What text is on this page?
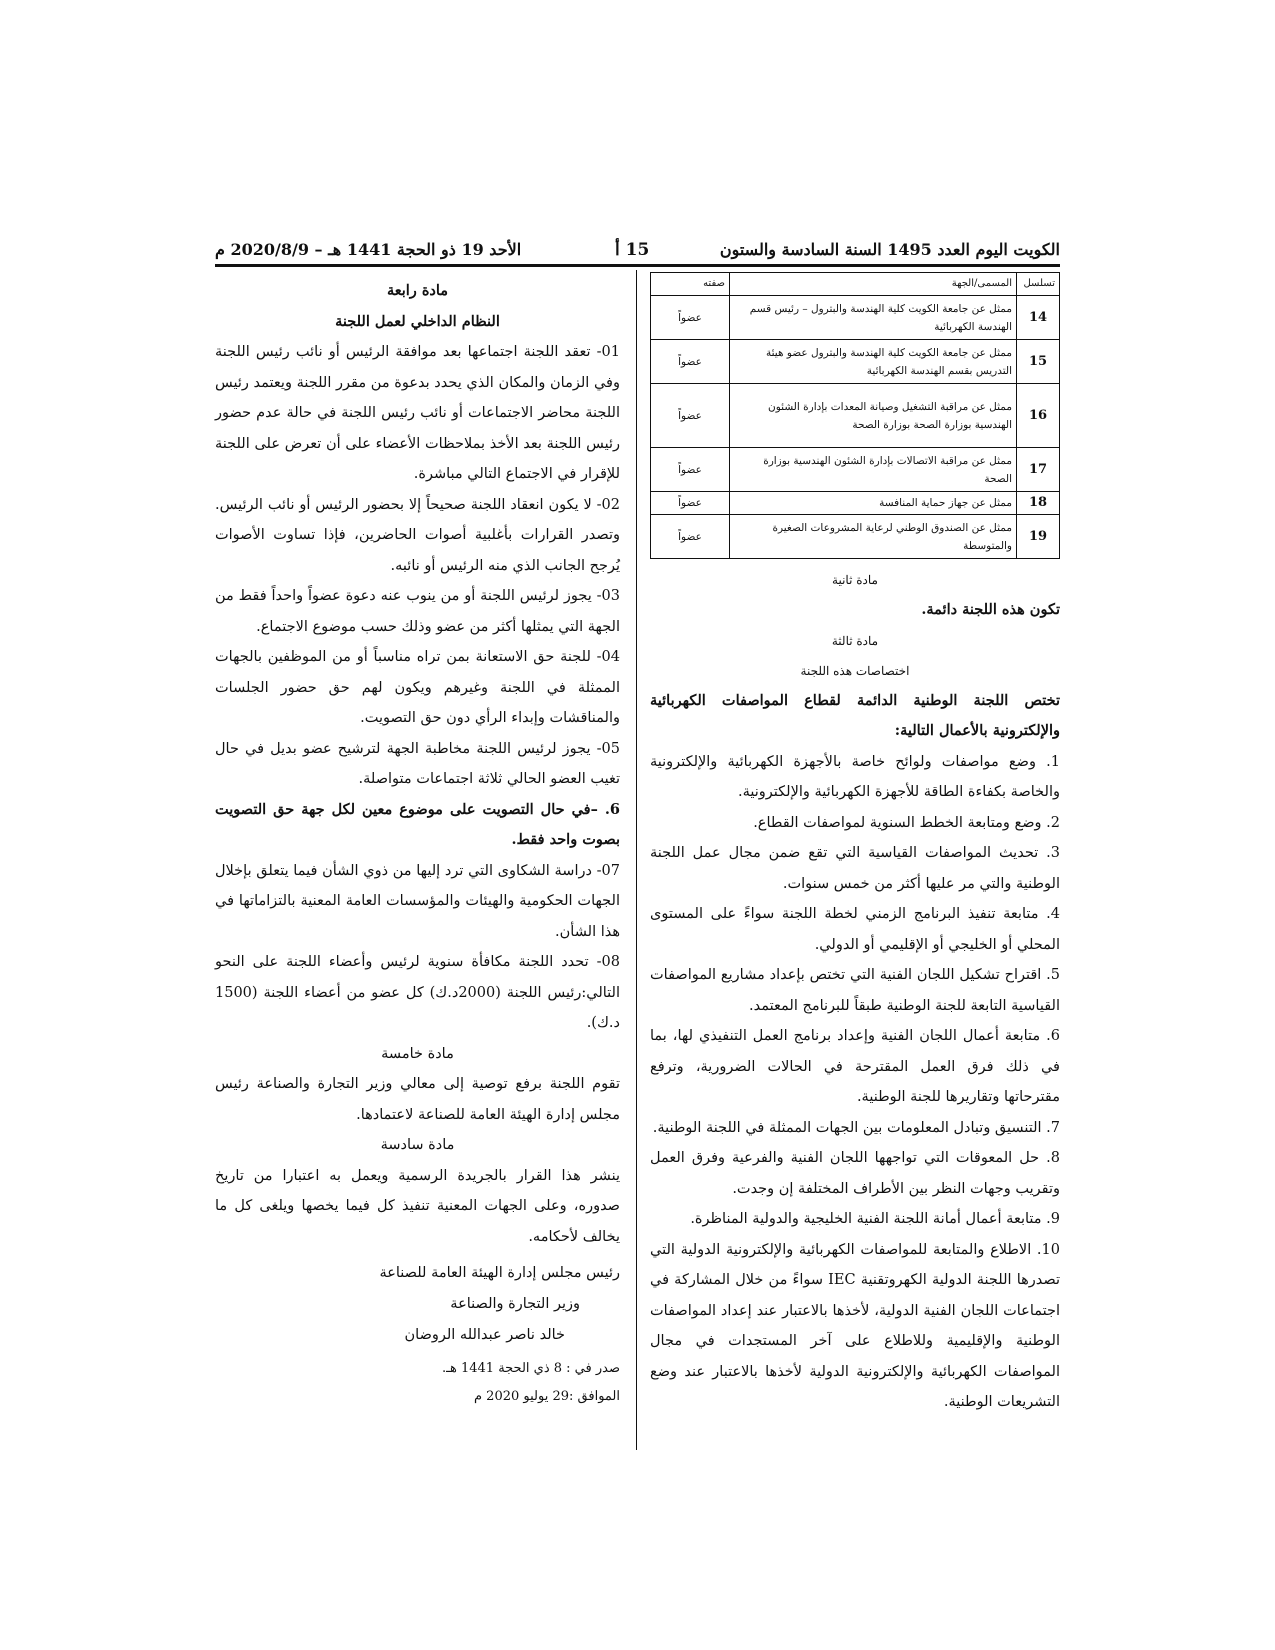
الكويت اليوم العدد 1495 السنة السادسة والستون
15 أ
الأحد 19 ذو الحجة 1441 هـ – 2020/8/9 م
تسلسل	المسمى/الجهة	صفته
14	ممثل عن جامعة الكويت كلية الهندسة والبترول – رئيس قسم الهندسة الكهربائية	عضواً
15	ممثل عن جامعة الكويت كلية الهندسة والبترول عضو هيئة التدريس بقسم الهندسة الكهربائية	عضواً
16	ممثل عن مراقبة التشغيل وصيانة المعدات بإدارة الشئون الهندسية بوزارة الصحة بوزارة الصحة	عضواً
17	ممثل عن مراقبة الاتصالات بإدارة الشئون الهندسية بوزارة الصحة	عضواً
18	ممثل عن جهاز حماية المنافسة	عضواً
19	ممثل عن الصندوق الوطني لرعاية المشروعات الصغيرة والمتوسطة	عضواً

مادة ثانية

تكون هذه اللجنة دائمة.

مادة ثالثة

اختصاصات هذه اللجنة

تختص اللجنة الوطنية الدائمة لقطاع المواصفات الكهربائية والإلكترونية بالأعمال التالية:

1. وضع مواصفات ولوائح خاصة بالأجهزة الكهربائية والإلكترونية والخاصة بكفاءة الطاقة للأجهزة الكهربائية والإلكترونية.

2. وضع ومتابعة الخطط السنوية لمواصفات القطاع.

3. تحديث المواصفات القياسية التي تقع ضمن مجال عمل اللجنة الوطنية والتي مر عليها أكثر من خمس سنوات.

4. متابعة تنفيذ البرنامج الزمني لخطة اللجنة سواءً على المستوى المحلي أو الخليجي أو الإقليمي أو الدولي.

5. اقتراح تشكيل اللجان الفنية التي تختص بإعداد مشاريع المواصفات القياسية التابعة للجنة الوطنية طبقاً للبرنامج المعتمد.

6. متابعة أعمال اللجان الفنية وإعداد برنامج العمل التنفيذي لها، بما في ذلك فرق العمل المقترحة في الحالات الضرورية، وترفع مقترحاتها وتقاريرها للجنة الوطنية.

7. التنسيق وتبادل المعلومات بين الجهات الممثلة في اللجنة الوطنية.

8. حل المعوقات التي تواجهها اللجان الفنية والفرعية وفرق العمل وتقريب وجهات النظر بين الأطراف المختلفة إن وجدت.

9. متابعة أعمال أمانة اللجنة الفنية الخليجية والدولية المناظرة.

10. الاطلاع والمتابعة للمواصفات الكهربائية والإلكترونية الدولية التي تصدرها اللجنة الدولية الكهروتقنية IEC سواءً من خلال المشاركة في اجتماعات اللجان الفنية الدولية، لأخذها بالاعتبار عند إعداد المواصفات الوطنية والإقليمية وللاطلاع على آخر المستجدات في مجال المواصفات الكهربائية والإلكترونية الدولية لأخذها بالاعتبار عند وضع التشريعات الوطنية.

مادة رابعة

النظام الداخلي لعمل اللجنة

01- تعقد اللجنة اجتماعها بعد موافقة الرئيس أو نائب رئيس اللجنة وفي الزمان والمكان الذي يحدد بدعوة من مقرر اللجنة ويعتمد رئيس اللجنة محاضر الاجتماعات أو نائب رئيس اللجنة في حالة عدم حضور رئيس اللجنة بعد الأخذ بملاحظات الأعضاء على أن تعرض على اللجنة للإقرار في الاجتماع التالي مباشرة.

02- لا يكون انعقاد اللجنة صحيحاً إلا بحضور الرئيس أو نائب الرئيس. وتصدر القرارات بأغلبية أصوات الحاضرين، فإذا تساوت الأصوات يُرجح الجانب الذي منه الرئيس أو نائبه.

03- يجوز لرئيس اللجنة أو من ينوب عنه دعوة عضواً واحداً فقط من الجهة التي يمثلها أكثر من عضو وذلك حسب موضوع الاجتماع.

04- للجنة حق الاستعانة بمن تراه مناسباً أو من الموظفين بالجهات الممثلة في اللجنة وغيرهم ويكون لهم حق حضور الجلسات والمناقشات وإبداء الرأي دون حق التصويت.

05- يجوز لرئيس اللجنة مخاطبة الجهة لترشيح عضو بديل في حال تغيب العضو الحالي ثلاثة اجتماعات متواصلة.

6. –في حال التصويت على موضوع معين لكل جهة حق التصويت بصوت واحد فقط.

07- دراسة الشكاوى التي ترد إليها من ذوي الشأن فيما يتعلق بإخلال الجهات الحكومية والهيئات والمؤسسات العامة المعنية بالتزاماتها في هذا الشأن.

08- تحدد اللجنة مكافأة سنوية لرئيس وأعضاء اللجنة على النحو التالي:رئيس اللجنة (2000د.ك) كل عضو من أعضاء اللجنة (1500 د.ك).

مادة خامسة

تقوم اللجنة برفع توصية إلى معالي وزير التجارة والصناعة رئيس مجلس إدارة الهيئة العامة للصناعة لاعتمادها.

مادة سادسة

ينشر هذا القرار بالجريدة الرسمية ويعمل به اعتبارا من تاريخ صدوره، وعلى الجهات المعنية تنفيذ كل فيما يخصها ويلغى كل ما يخالف لأحكامه.

رئيس مجلس إدارة الهيئة العامة للصناعة

وزير التجارة والصناعة

خالد ناصر عبدالله الروضان

صدر في : 8 ذي الحجة 1441 هـ.

الموافق :29 يوليو 2020 م
